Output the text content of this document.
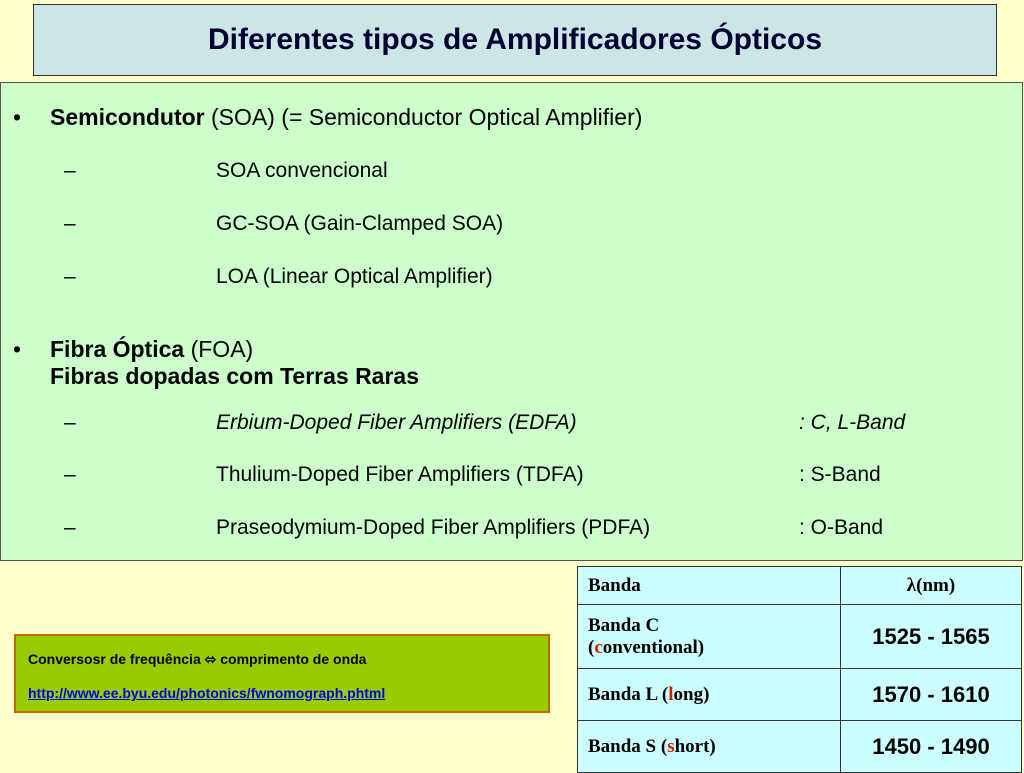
Diferentes tipos de Amplificadores Ópticos
• Semicondutor (SOA) (= Semiconductor Optical Amplifier)
–	SOA convencional
–	GC-SOA (Gain-Clamped SOA)
–	LOA (Linear Optical Amplifier)
• Fibra Óptica (FOA)
Fibras dopadas com Terras Raras
–	Erbium-Doped Fiber Amplifiers (EDFA)	: C, L-Band
–	Thulium-Doped Fiber Amplifiers (TDFA)	: S-Band
–	Praseodymium-Doped Fiber Amplifiers (PDFA)	: O-Band
Conversosr de frequência ⬄ comprimento de onda
http://www.ee.byu.edu/photonics/fwnomograph.phtml
Banda	λ(nm)
Banda C
(conventional)	1525 - 1565
Banda L (long)	1570 - 1610
Banda S (short)	1450 - 1490
